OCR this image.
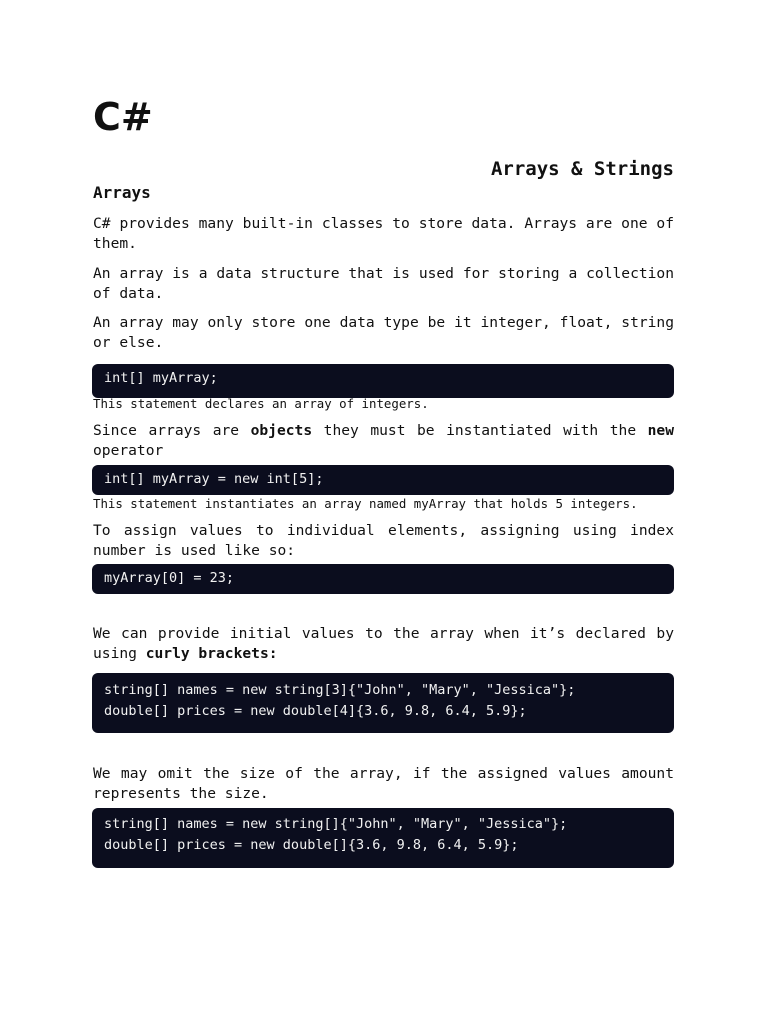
C#
Arrays & Strings
Arrays

C# provides many built-in classes to store data. Arrays are one of them.

An array is a data structure that is used for storing a collection of data.

An array may only store one data type be it integer, float, string or else.

int[] myArray;

This statement declares an array of integers.

Since arrays are objects they must be instantiated with the new operator

int[] myArray = new int[5];

This statement instantiates an array named myArray that holds 5 integers.

To assign values to individual elements, assigning using index number is used like so:

myArray[0] = 23;

We can provide initial values to the array when it’s declared by using curly brackets:

string[] names = new string[3]{"John", "Mary", "Jessica"};
double[] prices = new double[4]{3.6, 9.8, 6.4, 5.9};

We may omit the size of the array, if the assigned values amount represents the size.

string[] names = new string[]{"John", "Mary", "Jessica"};
double[] prices = new double[]{3.6, 9.8, 6.4, 5.9};
